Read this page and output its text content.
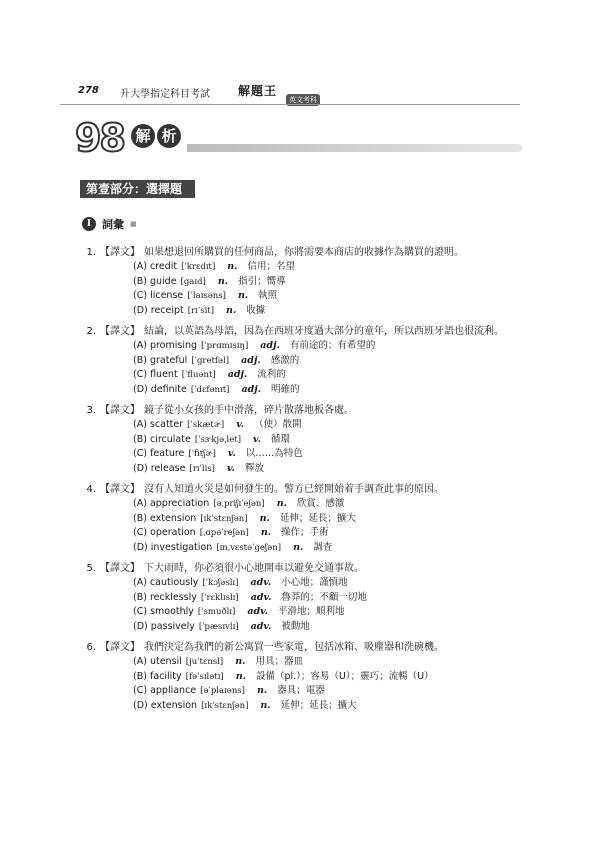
278 升大學指定科目考試 解題王
英文考科
98 解 析
第壹部分：選擇題
I 詞彙 ■
1. 【譯文】 如果想退回所購買的任何商品，你將需要本商店的收據作為購買的證明。
(A) credit [ˈkrɛdɪt] n. 信用；名望
(B) guide [gaɪd] n. 指引；嚮導
(C) license [ˈlaɪsəns] n. 執照
(D) receipt [rɪˈsit] n. 收據
2. 【譯文】 結論，以英語為母語，因為在西班牙度過大部分的童年，所以西班牙語也很流利。
(A) promising [ˈprɑmɪsɪŋ] adj. 有前途的；有希望的
(B) grateful [ˈgretfəl] adj. 感激的
(C) fluent [ˈfluənt] adj. 流利的
(D) definite [ˈdɛfənɪt] adj. 明確的
3. 【譯文】 鏡子從小女孩的手中滑落，碎片散落地板各處。
(A) scatter [ˈskætɚ] v. （使）散開
(B) circulate [ˈsɝkjəˌlet] v. 循環
(C) feature [ˈfitʃɚ] v. 以……為特色
(D) release [rɪˈlis] v. 釋放
4. 【譯文】 沒有人知道火災是如何發生的。警方已經開始着手調查此事的原因。
(A) appreciation [əˌpriʃɪˈeʃən] n. 欣賞、感激
(B) extension [ɪkˈstɛnʃən] n. 延伸；延長；擴大
(C) operation [ˌɑpəˈreʃən] n. 操作；手術
(D) investigation [ɪnˌvɛstəˈgeʃən] n. 調查
5. 【譯文】 下大雨時，你必須很小心地開車以避免交通事故。
(A) cautiously [ˈkɔʃəslɪ] adv. 小心地；謹慎地
(B) recklessly [ˈrɛklɪslɪ] adv. 魯莽的；不顧一切地
(C) smoothly [ˈsmuðlɪ] adv. 平滑地；順利地
(D) passively [ˈpæsɪvlɪ] adv. 被動地
6. 【譯文】 我們決定為我們的新公寓買一些家電，包括冰箱、吸塵器和洗碗機。
(A) utensil [juˈtɛnsl] n. 用具；器皿
(B) facility [fəˈsɪlətɪ] n. 設備（pl.）；容易（U）；靈巧；流暢（U）
(C) appliance [əˈplaɪəns] n. 器具；電器
(D) extension [ɪkˈstɛnʃən] n. 延伸；延長；擴大
